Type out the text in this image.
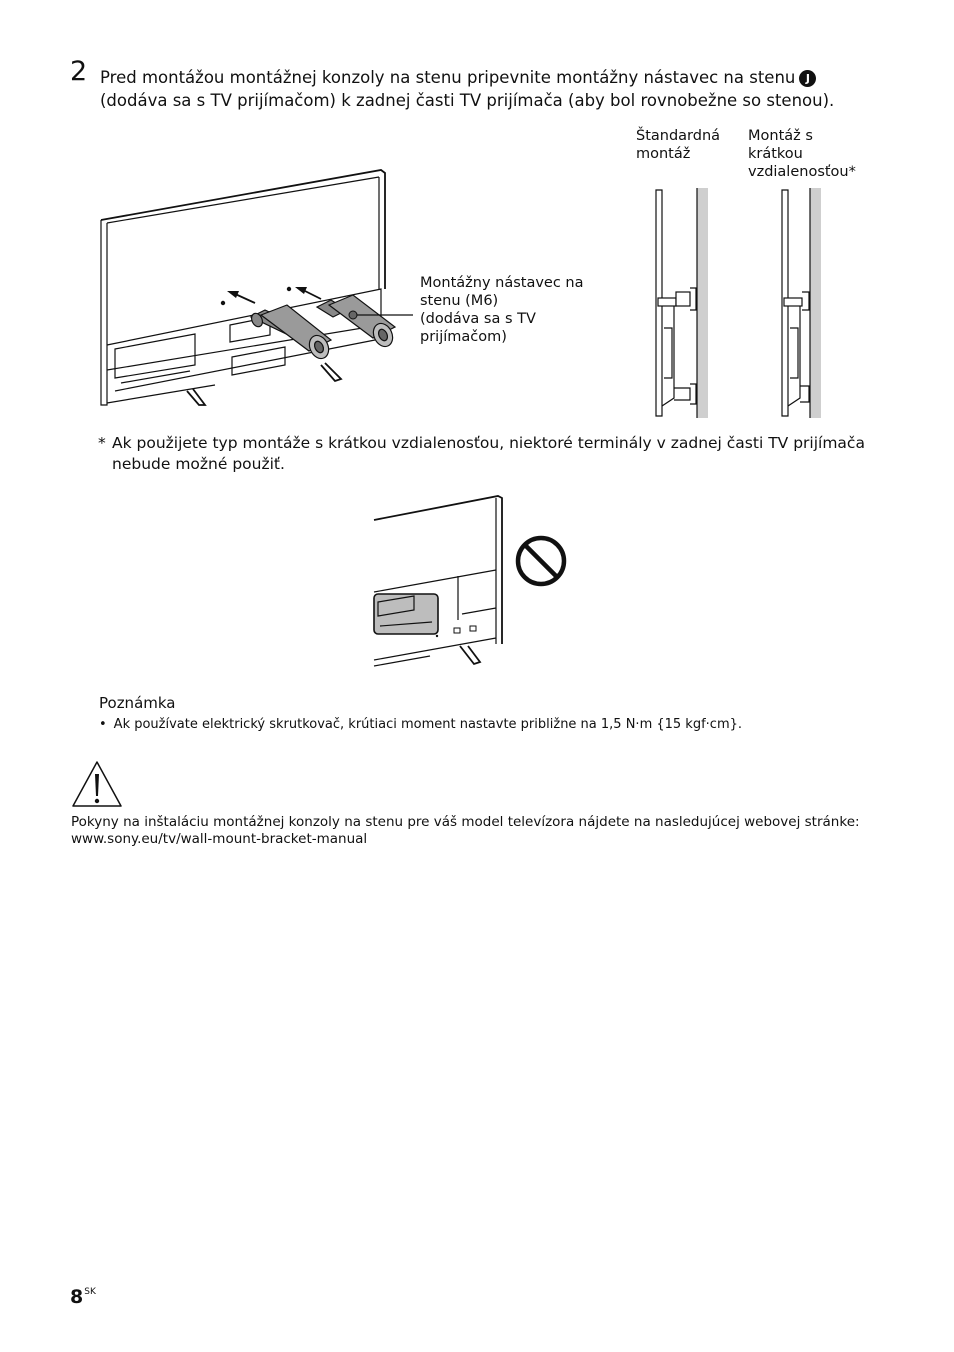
2 Pred montážou montážnej konzoly na stenu pripevnite montážny nástavec na stenu J
(dodáva sa s TV prijímačom) k zadnej časti TV prijímača (aby bol rovnobežne so stenou).
Montážny nástavec na
stenu (M6)
(dodáva sa s TV
prijímačom)
Štandardná
montáž
Montáž s
krátkou
vzdialenosťou*
* Ak použijete typ montáže s krátkou vzdialenosťou, niektoré terminály v zadnej časti TV prijímača
nebude možné použiť.
Poznámka
• Ak používate elektrický skrutkovač, krútiaci moment nastavte približne na 1,5 N·m {15 kgf·cm}.
Pokyny na inštaláciu montážnej konzoly na stenu pre váš model televízora nájdete na nasledujúcej webovej stránke:
www.sony.eu/tv/wall-mount-bracket-manual
$8^{SK}$
